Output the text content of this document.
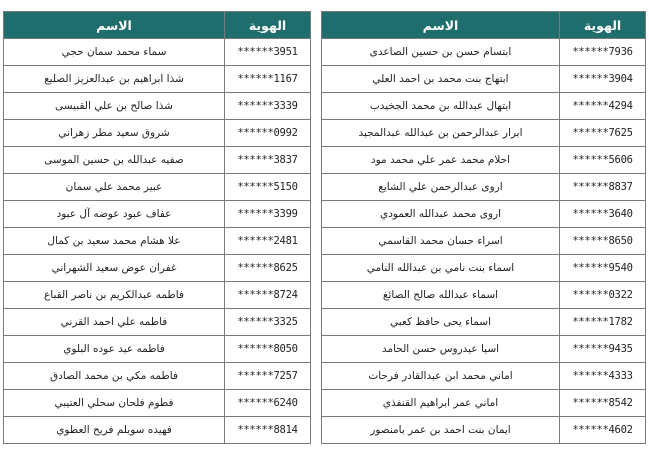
الهوية	الاسم
******7936	ابتسام حسن بن حسين الصاعدى
******3904	ابتهاج بنت محمد بن احمد العلي
******4294	ابتهال عبدالله بن محمد الجخيدب
******7625	ابرار عبدالرحمن بن عبدالله عبدالمجيد
******5606	احلام محمد عمر علي محمد مود
******8837	اروى عبدالرحمن علي الشايع
******3640	اروى محمد عبدالله العمودي
******8650	اسراء حسان محمد القاسمي
******9540	اسماء بنت نامي بن عبدالله النامي
******0322	اسماء عبدالله صالح الصائغ
******1782	اسماء يحى حافظ كعبي
******9435	اسيا عيدروس حسن الحامد
******4333	اماني محمد ابن عبدالقادر فرحات
******8542	اماني عمر ابراهيم القنفذي
******4602	ايمان بنت احمد بن عمر بامنصور
الهوية	الاسم
******3951	سماء محمد سمان حجي
******1167	شذا ابراهيم بن عبدالعزيز الصليع
******3339	شذا صالح بن علي القبيسى
******0992	شروق سعيد مطر زهراني
******3837	صفيه عبدالله بن حسين الموسى
******5150	عبير محمد علي سمان
******3399	عفاف عبود عوضه آل عبود
******2481	علا هشام محمد سعيد بن كمال
******8625	غفران عوض سعيد الشهراني
******8724	فاطمه عبدالكريم بن ناصر القباع
******3325	فاطمه علي احمد القرني
******8050	فاطمه عيد عوده البلوي
******7257	فاطمه مكي بن محمد الصادق
******6240	فطوم فلحان سحلي العتيبي
******8814	فهيده سويلم فريح العطوي
